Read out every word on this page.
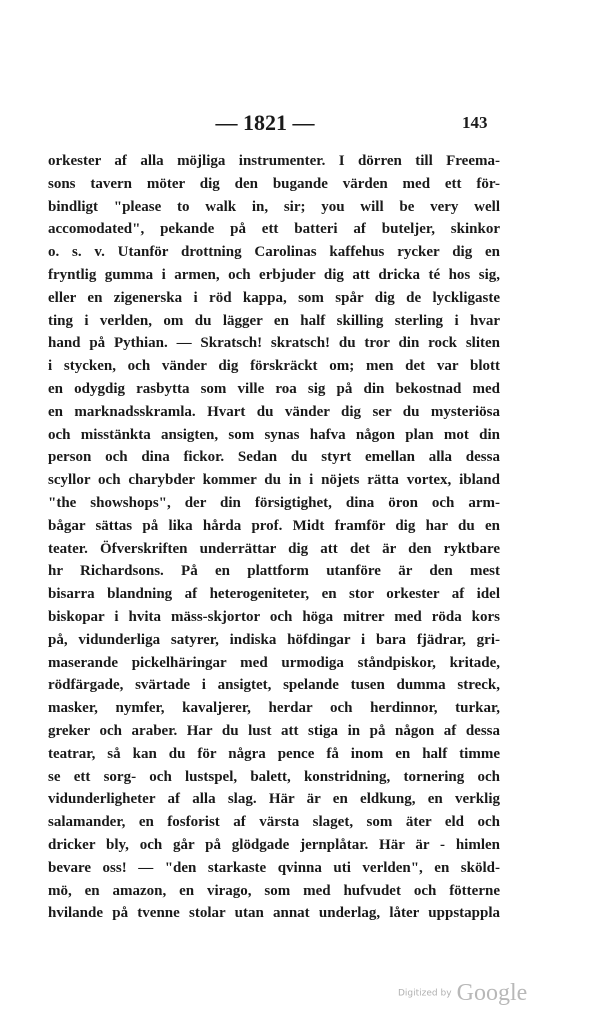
— 1821 —	143
orkester af alla möjliga instrumenter. I dörren till Freema-
sons tavern möter dig den bugande värden med ett för-
bindligt "please to walk in, sir; you will be very well
accomodated", pekande på ett batteri af buteljer, skinkor
o. s. v. Utanför drottning Carolinas kaffehus rycker dig en
fryntlig gumma i armen, och erbjuder dig att dricka té hos sig,
eller en zigenerska i röd kappa, som spår dig de lyckligaste
ting i verlden, om du lägger en half skilling sterling i hvar
hand på Pythian. — Skratsch! skratsch! du tror din rock sliten
i stycken, och vänder dig förskräckt om; men det var blott
en odygdig rasbytta som ville roa sig på din bekostnad med
en marknadsskramla. Hvart du vänder dig ser du mysteriösa
och misstänkta ansigten, som synas hafva någon plan mot din
person och dina fickor. Sedan du styrt emellan alla dessa
scyllor och charybder kommer du in i nöjets rätta vortex, ibland
"the showshops", der din försigtighet, dina öron och arm-
bågar sättas på lika hårda prof. Midt framför dig har du en
teater. Öfverskriften underrättar dig att det är den ryktbare
hr Richardsons. På en plattform utanföre är den mest
bisarra blandning af heterogeniteter, en stor orkester af idel
biskopar i hvita mäss-skjortor och höga mitrer med röda kors
på, vidunderliga satyrer, indiska höfdingar i bara fjädrar, gri-
maserande pickelhäringar med urmodiga ståndpiskor, kritade,
rödfärgade, svärtade i ansigtet, spelande tusen dumma streck,
masker, nymfer, kavaljerer, herdar och herdinnor, turkar,
greker och araber. Har du lust att stiga in på någon af dessa
teatrar, så kan du för några pence få inom en half timme
se ett sorg- och lustspel, balett, konstridning, tornering och
vidunderligheter af alla slag. Här är en eldkung, en verklig
salamander, en fosforist af värsta slaget, som äter eld och
dricker bly, och går på glödgade jernplåtar. Här är - himlen
bevare oss! — "den starkaste qvinna uti verlden", en sköld-
mö, en amazon, en virago, som med hufvudet och fötterne
hvilande på tvenne stolar utan annat underlag, låter uppstappla
Digitized by Google
